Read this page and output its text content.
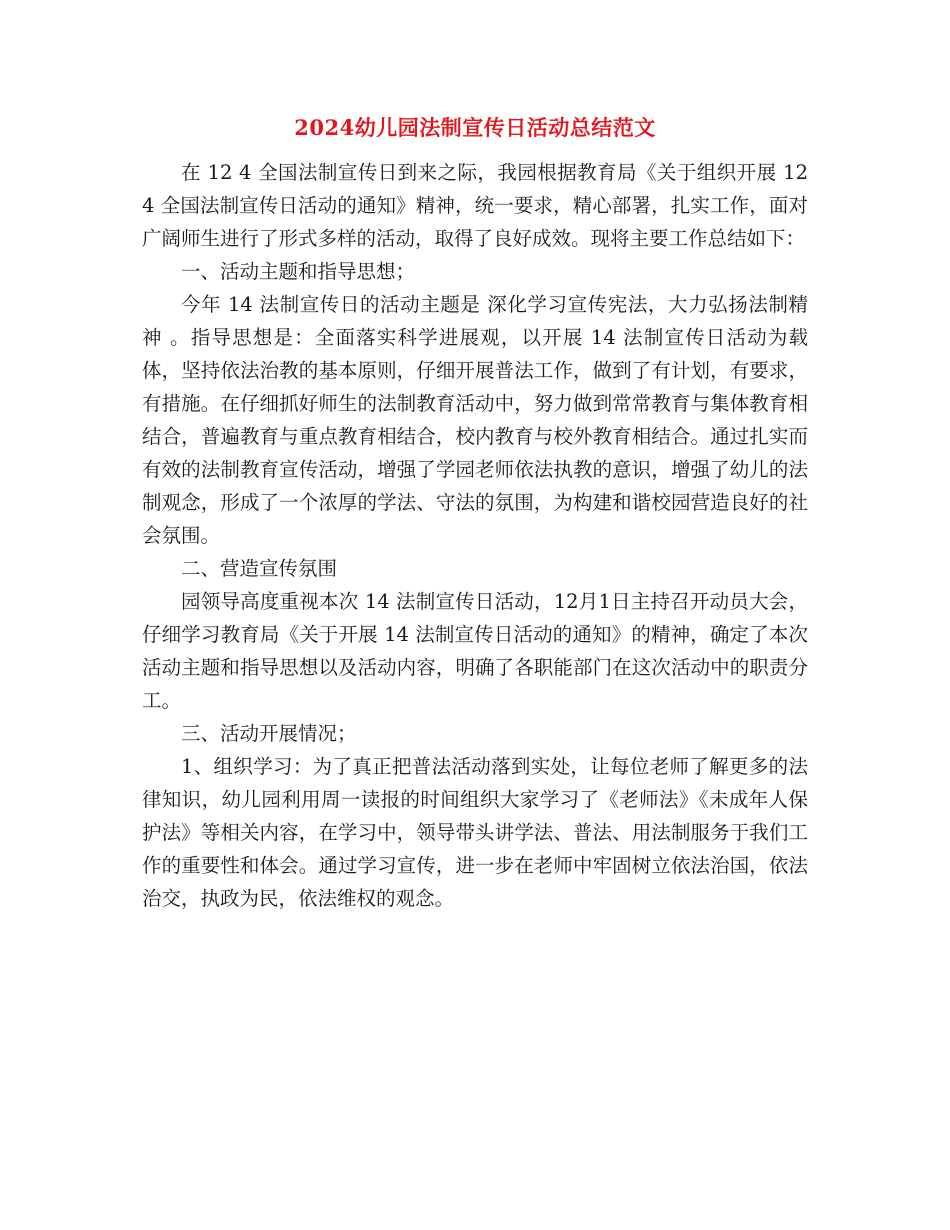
2024幼儿园法制宣传日活动总结范文

在 12 4 全国法制宣传日到来之际，我园根据教育局《关于组织开展 12 4 全国法制宣传日活动的通知》精神，统一要求，精心部署，扎实工作，面对广阔师生进行了形式多样的活动，取得了良好成效。现将主要工作总结如下：

一、活动主题和指导思想；

今年 14 法制宣传日的活动主题是 深化学习宣传宪法，大力弘扬法制精神 。指导思想是：全面落实科学进展观，以开展 14 法制宣传日活动为载体，坚持依法治教的基本原则，仔细开展普法工作，做到了有计划，有要求，有措施。在仔细抓好师生的法制教育活动中，努力做到常常教育与集体教育相结合，普遍教育与重点教育相结合，校内教育与校外教育相结合。通过扎实而有效的法制教育宣传活动，增强了学园老师依法执教的意识，增强了幼儿的法制观念，形成了一个浓厚的学法、守法的氛围，为构建和谐校园营造良好的社会氛围。

二、营造宣传氛围

园领导高度重视本次 14 法制宣传日活动，12月1日主持召开动员大会，仔细学习教育局《关于开展 14 法制宣传日活动的通知》的精神，确定了本次活动主题和指导思想以及活动内容，明确了各职能部门在这次活动中的职责分工。

三、活动开展情况；

1、组织学习：为了真正把普法活动落到实处，让每位老师了解更多的法律知识，幼儿园利用周一读报的时间组织大家学习了《老师法》《未成年人保护法》等相关内容，在学习中，领导带头讲学法、普法、用法制服务于我们工作的重要性和体会。通过学习宣传，进一步在老师中牢固树立依法治国，依法治交，执政为民，依法维权的观念。
